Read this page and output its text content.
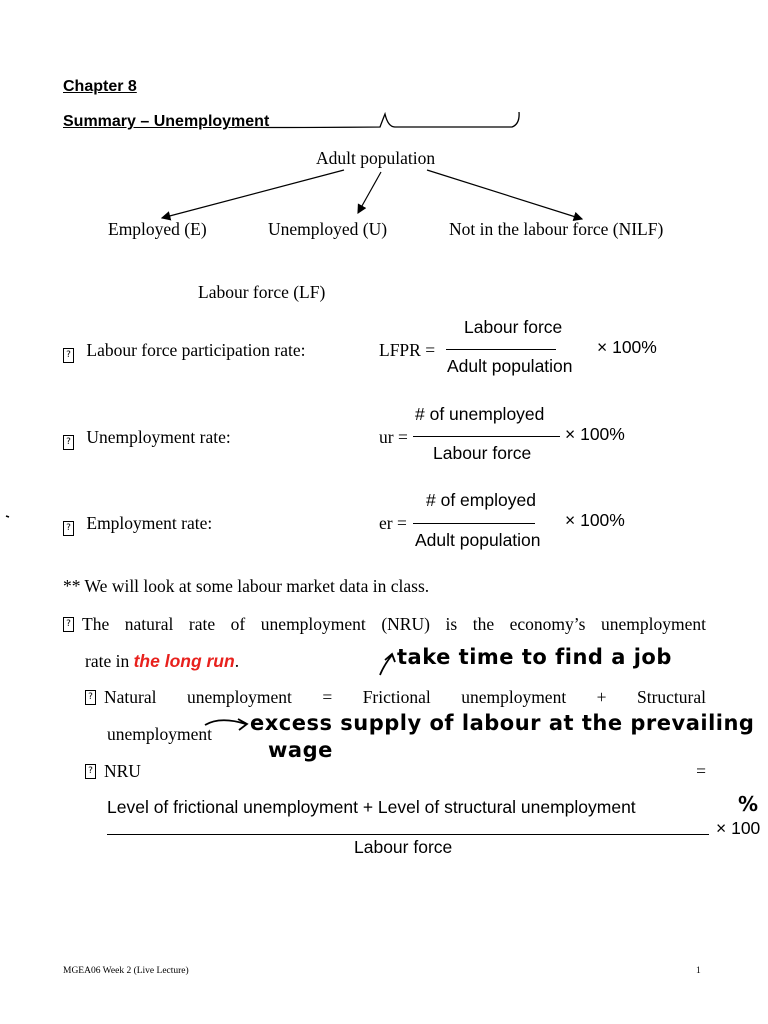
Chapter 8
Summary – Unemployment
Adult population
Employed (E)	Unemployed (U)	Not in the labour force (NILF)
Labour force (LF)
? Labour force participation rate:	LFPR =
Labour force
Adult population
× 100%
? Unemployment rate:	ur =
# of unemployed
Labour force
× 100%
? Employment rate:	er =
# of employed
Adult population
× 100%
** We will look at some labour market data in class.
? The natural rate of unemployment (NRU) is the economy’s unemployment
rate in the long run.	take time to find a job
? Natural unemployment = Frictional unemployment + Structural
unemployment excess supply of labour at the prevailing
wage
? NRU	=
Level of frictional unemployment + Level of structural unemployment
Labour force
× 100
%
MGEA06 Week 2 (Live Lecture)	1
